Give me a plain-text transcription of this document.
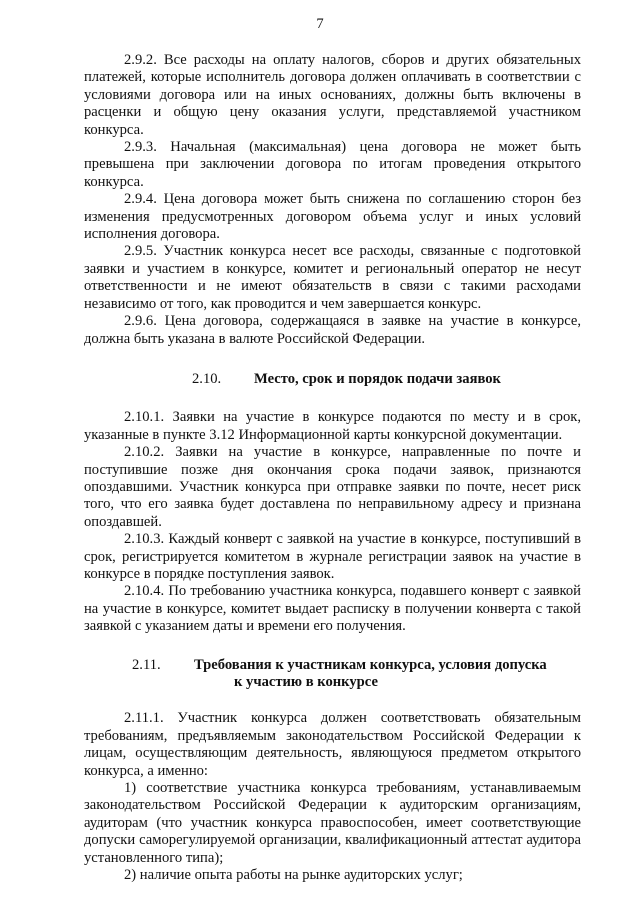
7

2.9.2. Все расходы на оплату налогов, сборов и других обязательных платежей, которые исполнитель договора должен оплачивать в соответствии с условиями договора или на иных основаниях, должны быть включены в расценки и общую цену оказания услуги, представляемой участником конкурса.

2.9.3. Начальная (максимальная) цена договора не может быть превышена при заключении договора по итогам проведения открытого конкурса.

2.9.4. Цена договора может быть снижена по соглашению сторон без изменения предусмотренных договором объема услуг и иных условий исполнения договора.

2.9.5. Участник конкурса несет все расходы, связанные с подготовкой заявки и участием в конкурсе, комитет и региональный оператор не несут ответственности и не имеют обязательств в связи с такими расходами независимо от того, как проводится и чем завершается конкурс.

2.9.6. Цена договора, содержащаяся в заявке на участие в конкурсе, должна быть указана в валюте Российской Федерации.

2.10. Место, срок и порядок подачи заявок

2.10.1. Заявки на участие в конкурсе подаются по месту и в срок, указанные в пункте 3.12 Информационной карты конкурсной документации.

2.10.2. Заявки на участие в конкурсе, направленные по почте и поступившие позже дня окончания срока подачи заявок, признаются опоздавшими. Участник конкурса при отправке заявки по почте, несет риск того, что его заявка будет доставлена по неправильному адресу и признана опоздавшей.

2.10.3. Каждый конверт с заявкой на участие в конкурсе, поступивший в срок, регистрируется комитетом в журнале регистрации заявок на участие в конкурсе в порядке поступления заявок.

2.10.4. По требованию участника конкурса, подавшего конверт с заявкой на участие в конкурсе, комитет выдает расписку в получении конверта с такой заявкой с указанием даты и времени его получения.

2.11. Требования к участникам конкурса, условия допуска
к участию в конкурсе

2.11.1. Участник конкурса должен соответствовать обязательным требованиям, предъявляемым законодательством Российской Федерации к лицам, осуществляющим деятельность, являющуюся предметом открытого конкурса, а именно:

1) соответствие участника конкурса требованиям, устанавливаемым законодательством Российской Федерации к аудиторским организациям, аудиторам (что участник конкурса правоспособен, имеет соответствующие допуски саморегулируемой организации, квалификационный аттестат аудитора установленного типа);

2) наличие опыта работы на рынке аудиторских услуг;
